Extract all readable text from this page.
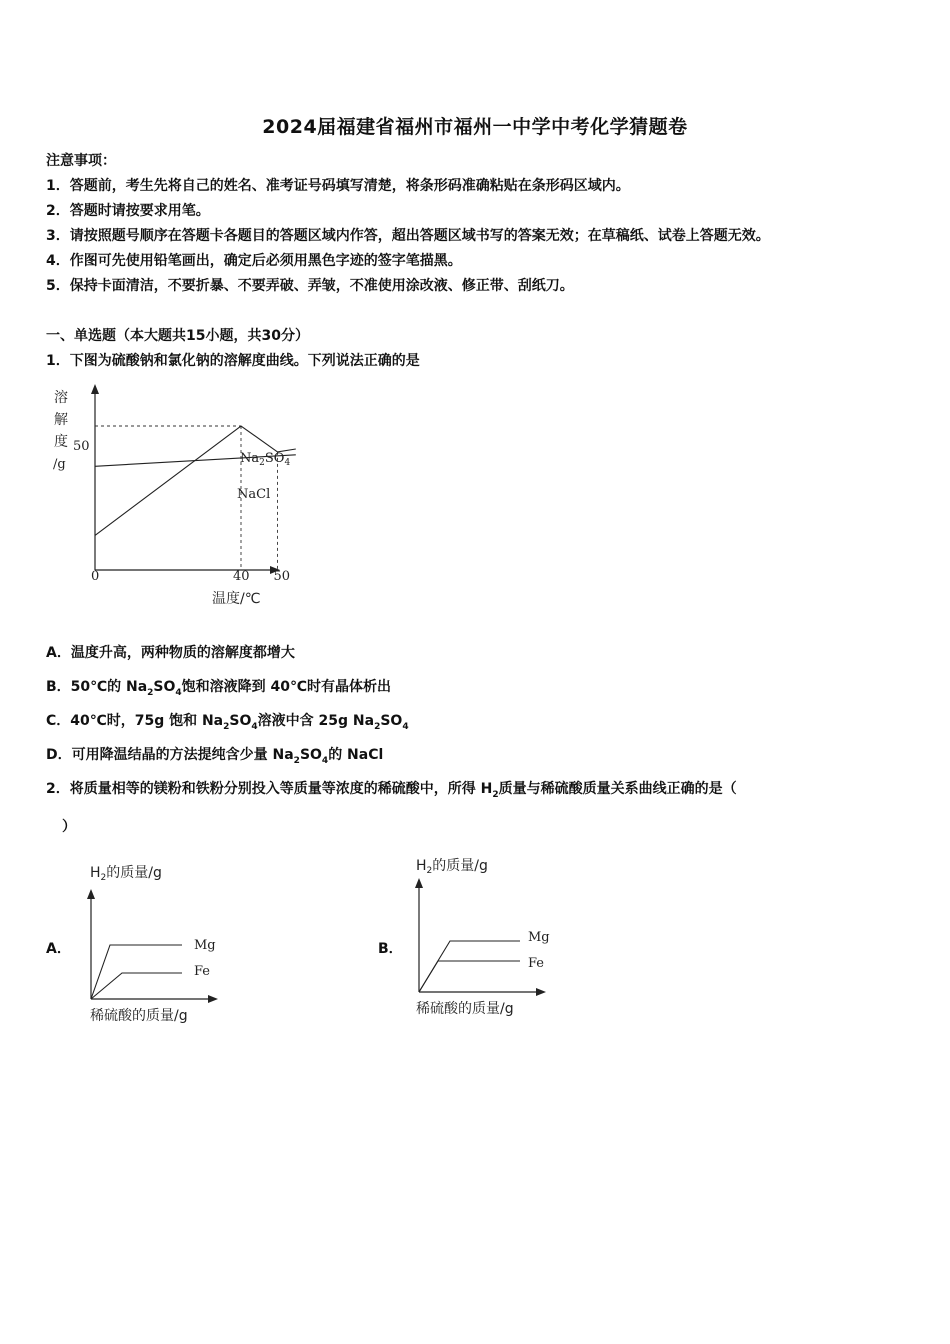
2024届福建省福州市福州一中学中考化学猜题卷
注意事项：
1．答题前，考生先将自己的姓名、准考证号码填写清楚，将条形码准确粘贴在条形码区域内。
2．答题时请按要求用笔。
3．请按照题号顺序在答题卡各题目的答题区域内作答，超出答题区域书写的答案无效；在草稿纸、试卷上答题无效。
4．作图可先使用铅笔画出，确定后必须用黑色字迹的签字笔描黑。
5．保持卡面清洁，不要折暴、不要弄破、弄皱，不准使用涂改液、修正带、刮纸刀。
一、单选题（本大题共15小题，共30分）
1．下图为硫酸钠和氯化钠的溶解度曲线。下列说法正确的是
溶
解
度
/g
50
$Na_2SO_4$
NaCl
0	40 50
温度/℃
A．温度升高，两种物质的溶解度都增大
B．50℃的 $Na_2SO_4$饱和溶液降到 40℃时有晶体析出
C．40℃时，75g 饱和 $Na_2SO_4$溶液中含 25g $Na_2SO_4$
D．可用降温结晶的方法提纯含少量 $Na_2SO_4$的 NaCl
2．将质量相等的镁粉和铁粉分别投入等质量等浓度的稀硫酸中，所得 $H_2$质量与稀硫酸质量关系曲线正确的是（
）
A．
$H_2$的质量/g
Mg
Fe
稀硫酸的质量/g
B．
$H_2$的质量/g
Mg
Fe
稀硫酸的质量/g
